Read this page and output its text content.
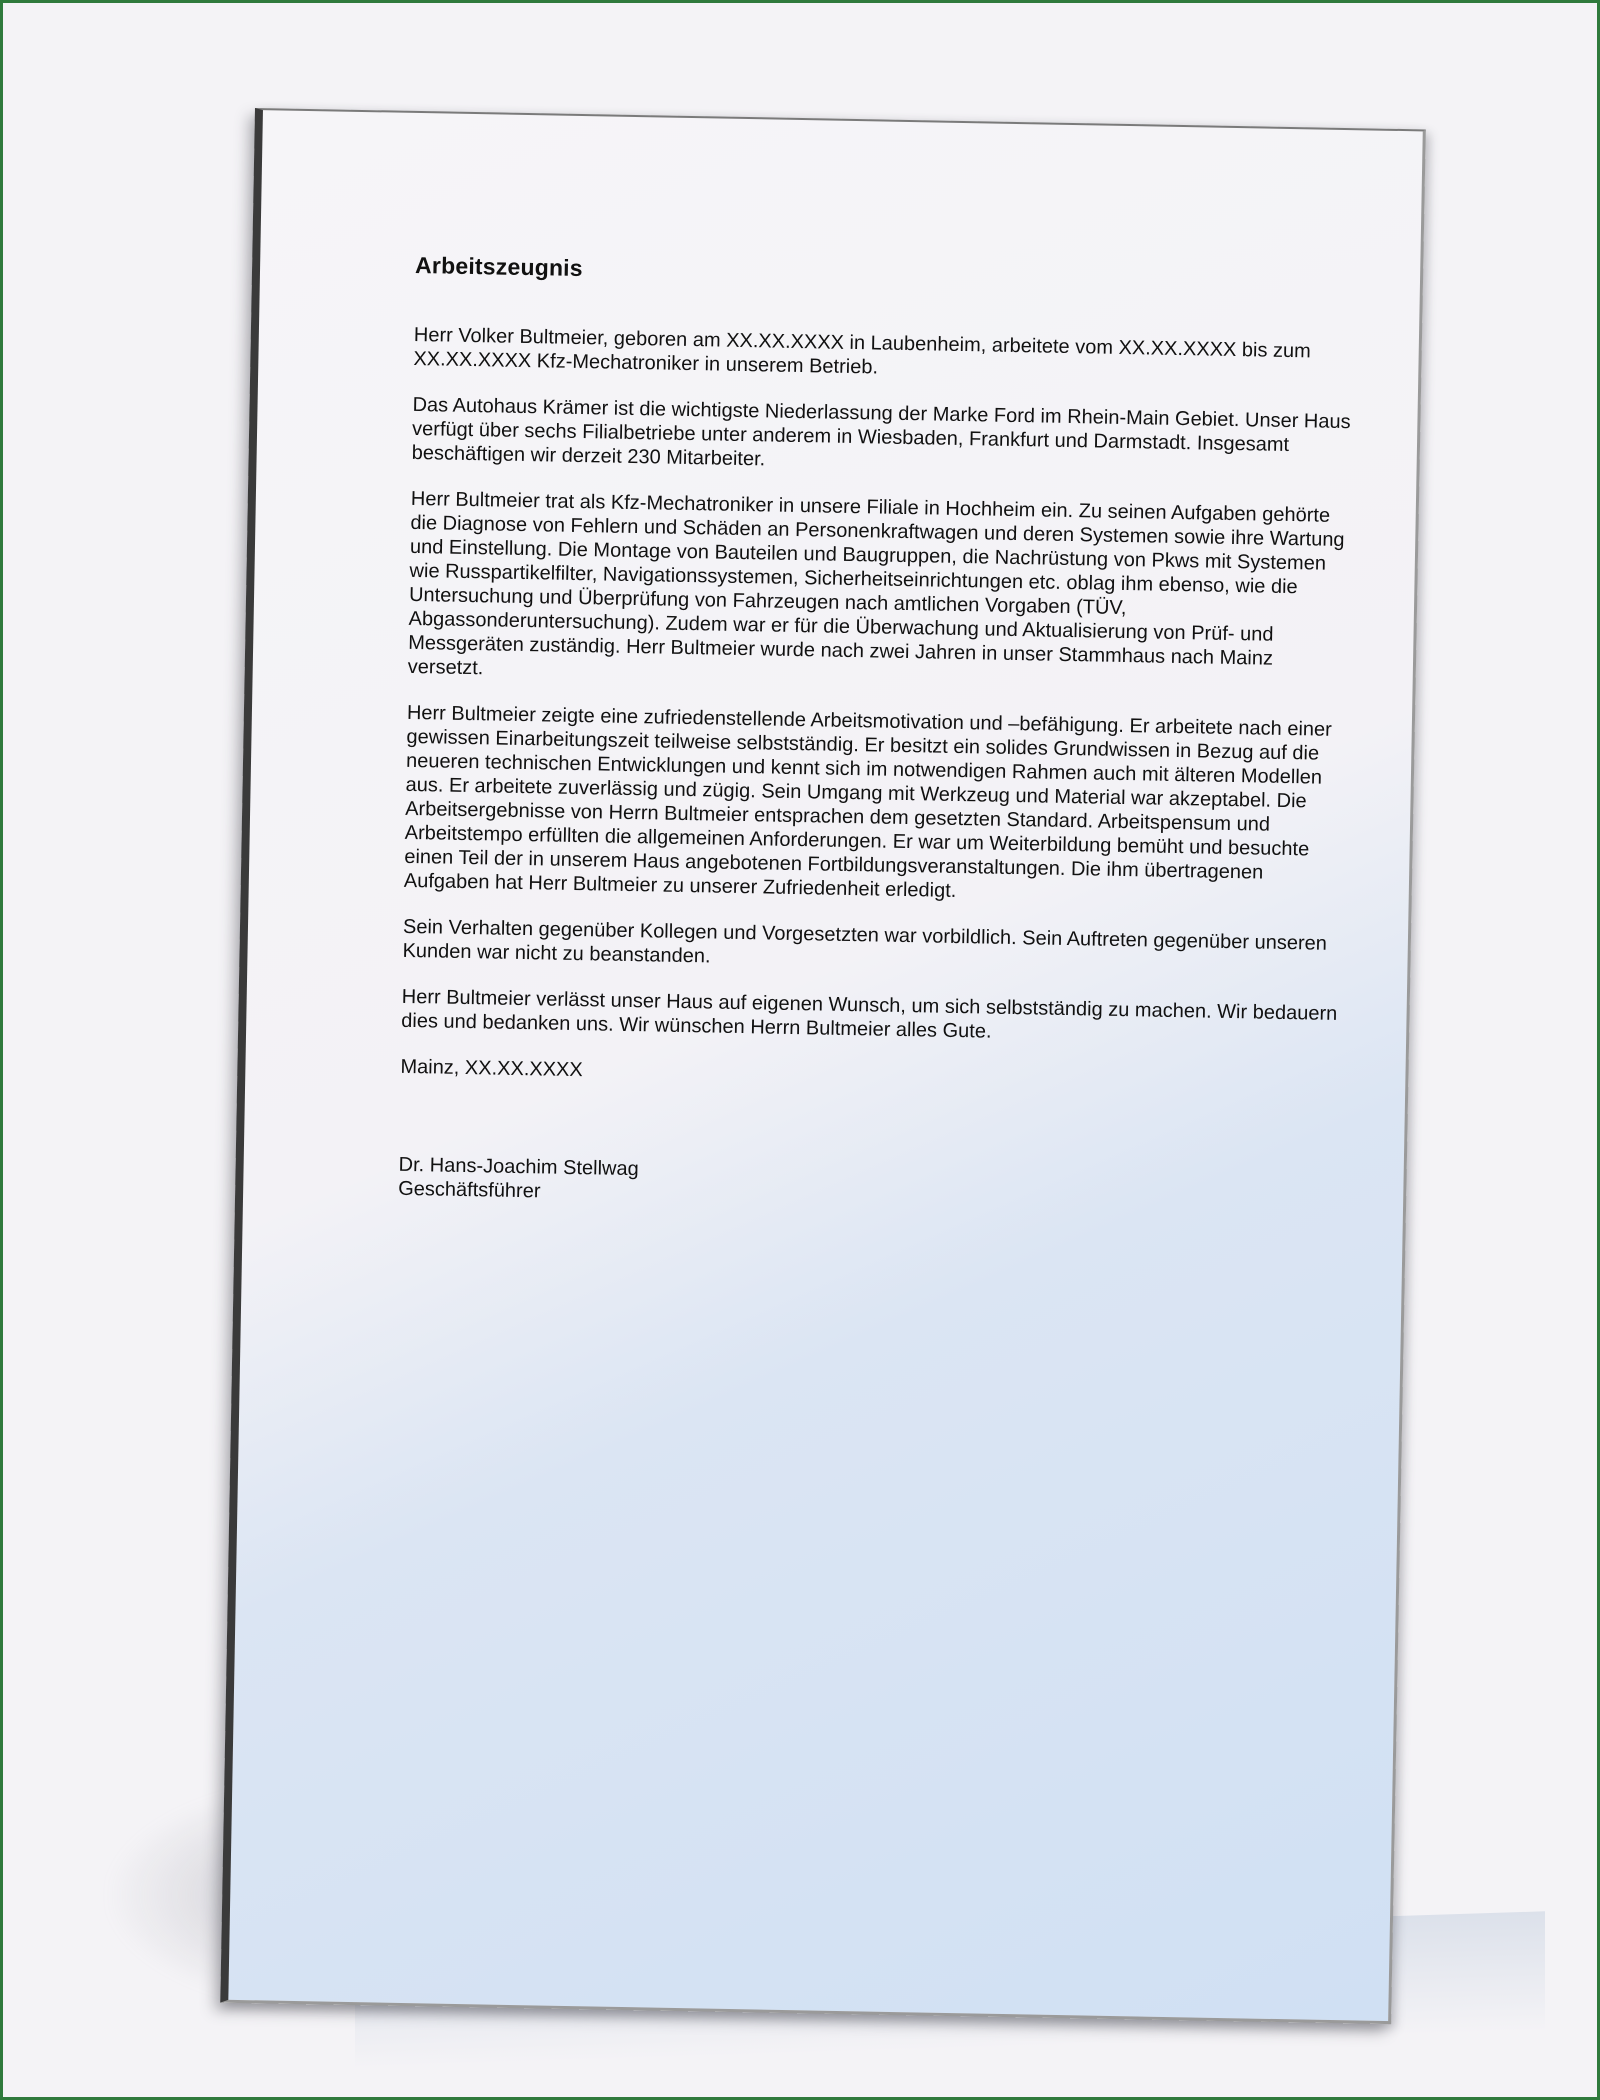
Arbeitszeugnis

Herr Volker Bultmeier, geboren am XX.XX.XXXX in Laubenheim, arbeitete vom XX.XX.XXXX bis zum XX.XX.XXXX Kfz-Mechatroniker in unserem Betrieb.

Das Autohaus Krämer ist die wichtigste Niederlassung der Marke Ford im Rhein-Main Gebiet. Unser Haus verfügt über sechs Filialbetriebe unter anderem in Wiesbaden, Frankfurt und Darmstadt. Insgesamt beschäftigen wir derzeit 230 Mitarbeiter.

Herr Bultmeier trat als Kfz-Mechatroniker in unsere Filiale in Hochheim ein. Zu seinen Aufgaben gehörte die Diagnose von Fehlern und Schäden an Personenkraftwagen und deren Systemen sowie ihre Wartung und Einstellung. Die Montage von Bauteilen und Baugruppen, die Nachrüstung von Pkws mit Systemen wie Russpartikelfilter, Navigationssystemen, Sicherheitseinrichtungen etc. oblag ihm ebenso, wie die Untersuchung und Überprüfung von Fahrzeugen nach amtlichen Vorgaben (TÜV, Abgassonderuntersuchung). Zudem war er für die Überwachung und Aktualisierung von Prüf- und Messgeräten zuständig. Herr Bultmeier wurde nach zwei Jahren in unser Stammhaus nach Mainz versetzt.

Herr Bultmeier zeigte eine zufriedenstellende Arbeitsmotivation und –befähigung. Er arbeitete nach einer gewissen Einarbeitungszeit teilweise selbstständig. Er besitzt ein solides Grundwissen in Bezug auf die neueren technischen Entwicklungen und kennt sich im notwendigen Rahmen auch mit älteren Modellen aus. Er arbeitete zuverlässig und zügig. Sein Umgang mit Werkzeug und Material war akzeptabel. Die Arbeitsergebnisse von Herrn Bultmeier entsprachen dem gesetzten Standard. Arbeitspensum und Arbeitstempo erfüllten die allgemeinen Anforderungen. Er war um Weiterbildung bemüht und besuchte einen Teil der in unserem Haus angebotenen Fortbildungsveranstaltungen. Die ihm übertragenen Aufgaben hat Herr Bultmeier zu unserer Zufriedenheit erledigt.

Sein Verhalten gegenüber Kollegen und Vorgesetzten war vorbildlich. Sein Auftreten gegenüber unseren Kunden war nicht zu beanstanden.

Herr Bultmeier verlässt unser Haus auf eigenen Wunsch, um sich selbstständig zu machen. Wir bedauern dies und bedanken uns. Wir wünschen Herrn Bultmeier alles Gute.

Mainz, XX.XX.XXXX

Dr. Hans-Joachim Stellwag

Geschäftsführer
